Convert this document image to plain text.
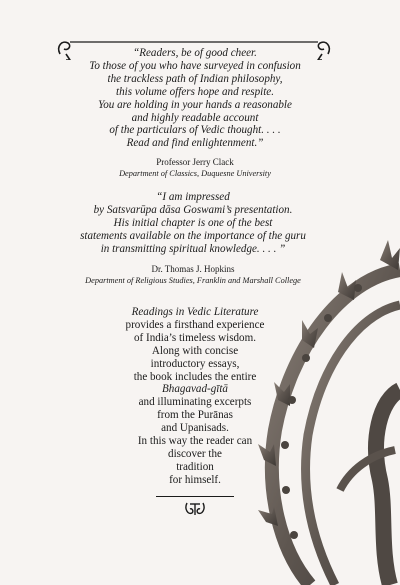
“Readers, be of good cheer.
To those of you who have surveyed in confusion
the trackless path of Indian philosophy,
this volume offers hope and respite.
You are holding in your hands a reasonable
and highly readable account
of the particulars of Vedic thought. . . .
Read and find enlightenment.”
Professor Jerry Clack
Department of Classics, Duquesne University
“I am impressed
by Satsvarūpa dāsa Goswami’s presentation.
His initial chapter is one of the best
statements available on the importance of the guru
in transmitting spiritual knowledge. . . . ”
Dr. Thomas J. Hopkins
Department of Religious Studies, Franklin and Marshall College
Readings in Vedic Literature
provides a firsthand experience
of India’s timeless wisdom.
Along with concise
introductory essays,
the book includes the entire
Bhagavad-gītā
and illuminating excerpts
from the Purānas
and Upanisads.
In this way the reader can
discover the
tradition
for himself.
